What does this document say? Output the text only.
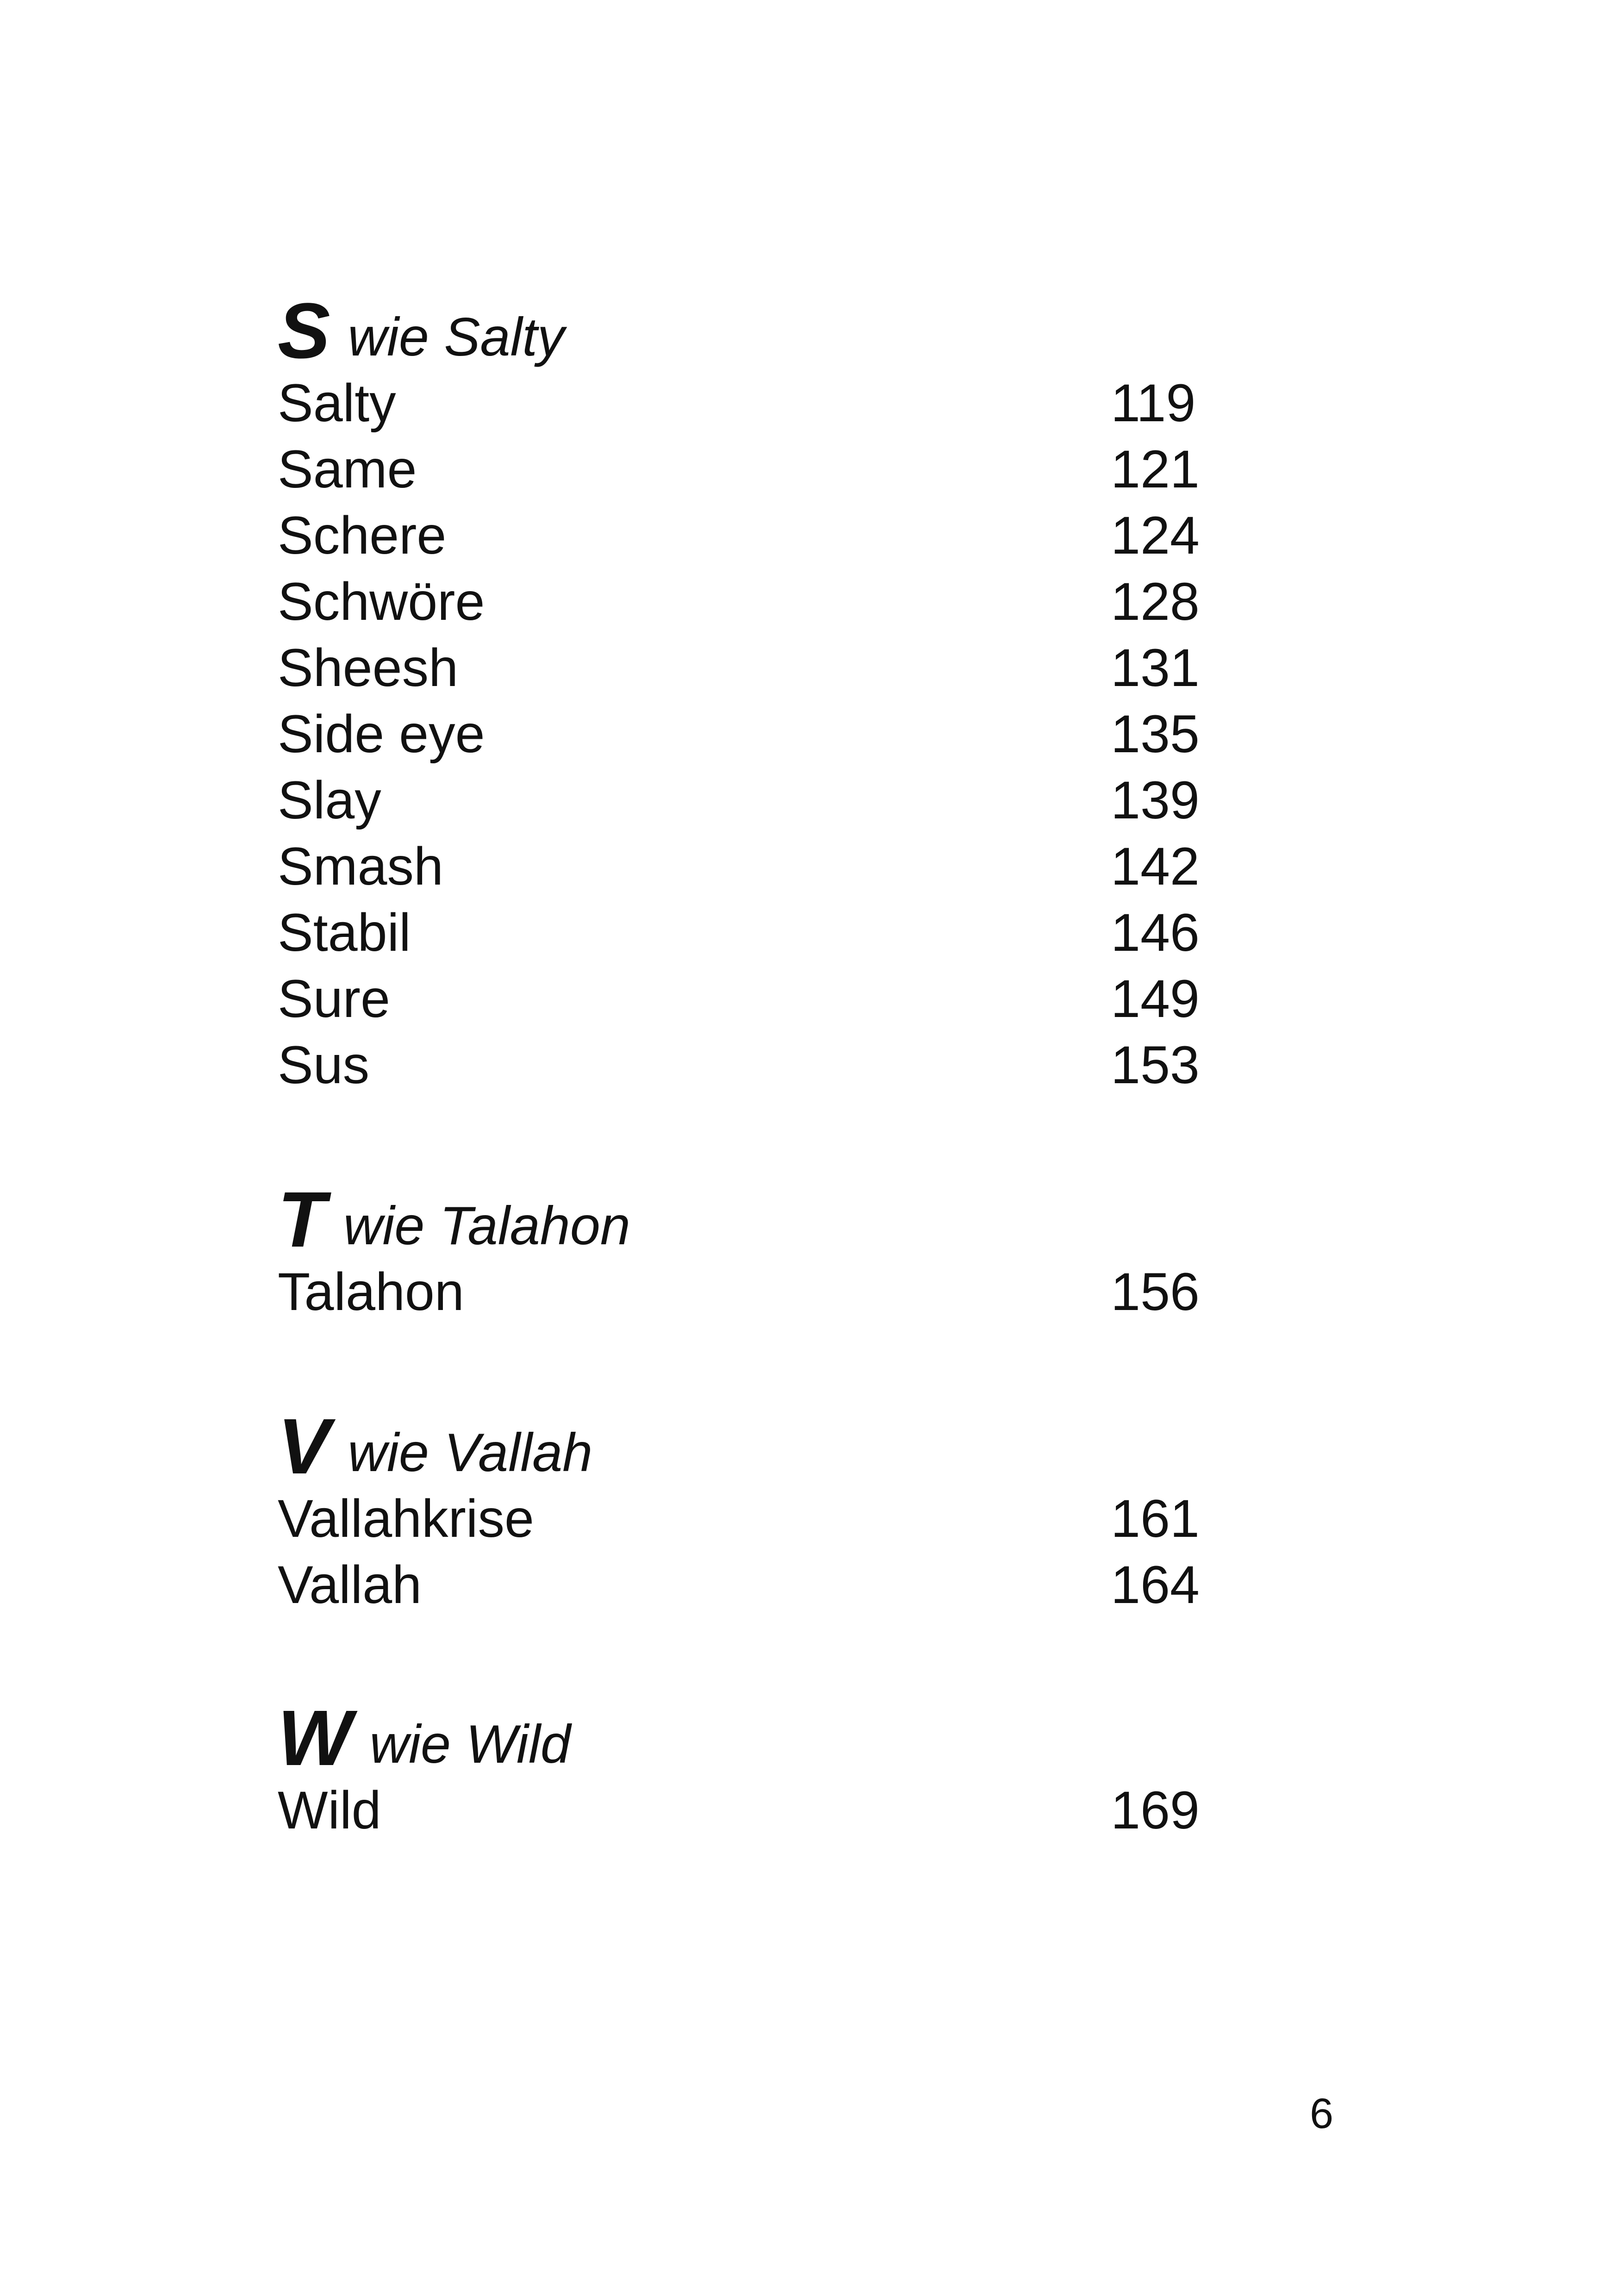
S wie Salty
Salty	119
Same	121
Schere	124
Schwöre	128
Sheesh	131
Side eye	135
Slay	139
Smash	142
Stabil	146
Sure	149
Sus	153
T wie Talahon
Talahon	156
V wie Vallah
Vallahkrise	161
Vallah	164
W wie Wild
Wild	169
6
